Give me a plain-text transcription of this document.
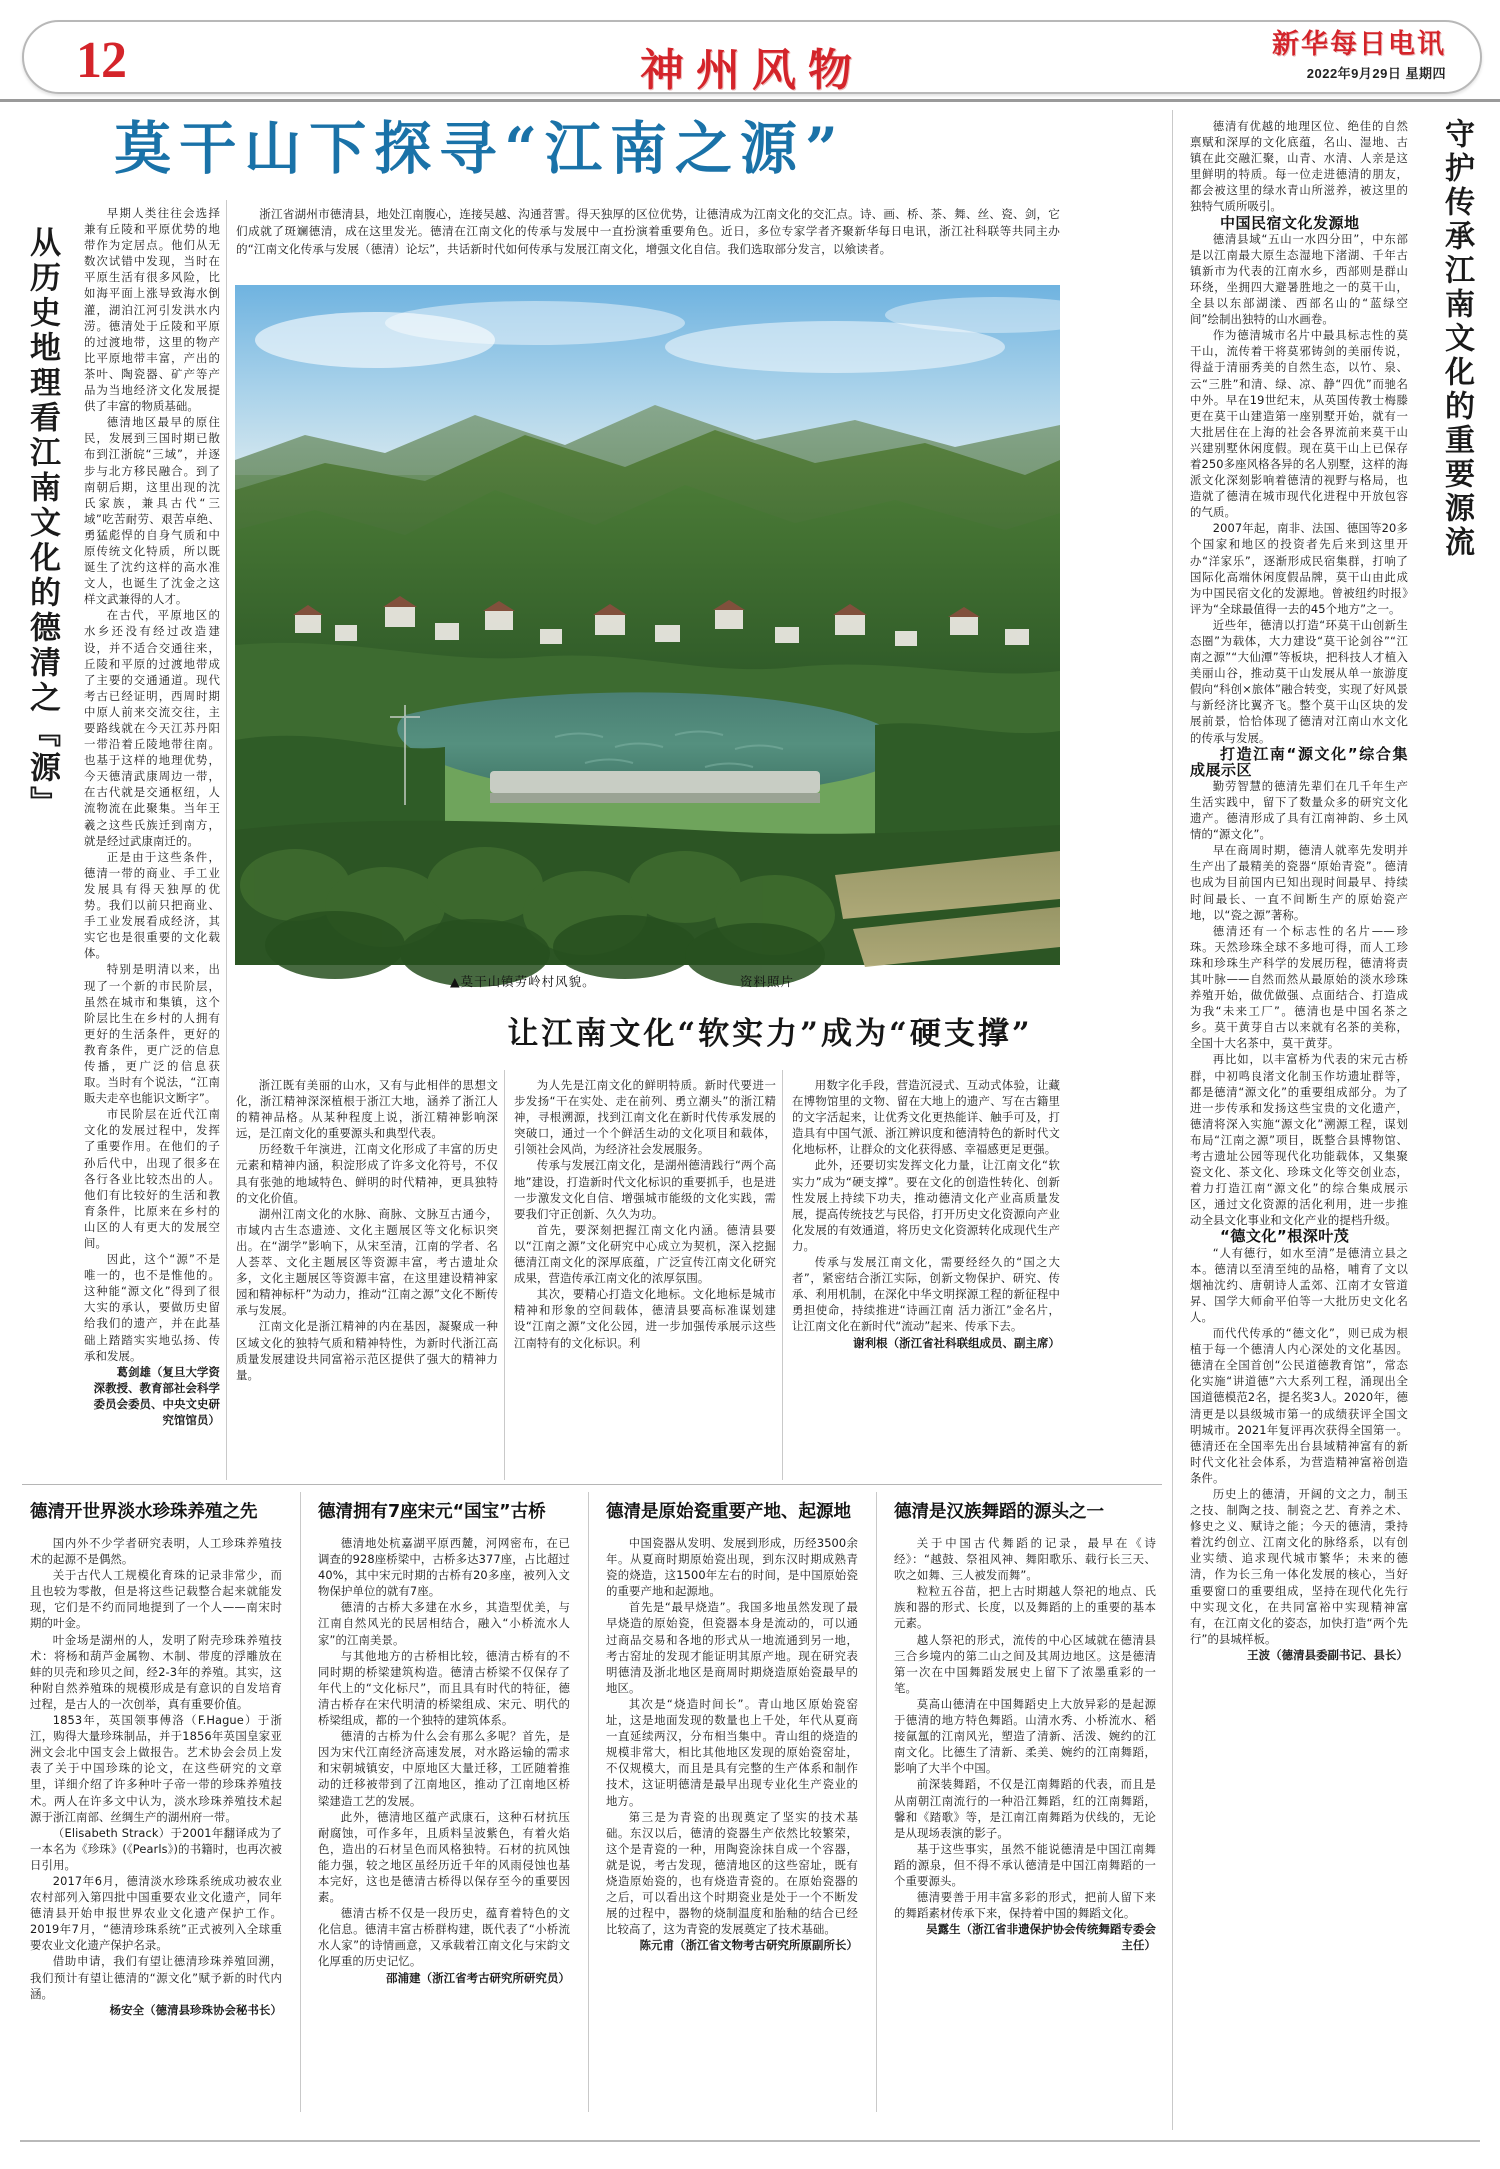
12	神州风物
新华每日电讯
2022年9月29日 星期四
从历史地理看江南文化的德清之『源』	守护传承江南文化的重要源流
莫干山下探寻“江南之源”

早期人类往往会选择兼有丘陵和平原优势的地带作为定居点。他们从无数次试错中发现，当时在平原生活有很多风险，比如海平面上涨导致海水倒灌，湖泊江河引发洪水内涝。德清处于丘陵和平原的过渡地带，这里的物产比平原地带丰富，产出的茶叶、陶瓷器、矿产等产品为当地经济文化发展提供了丰富的物质基础。

德清地区最早的原住民，发展到三国时期已散布到江浙皖“三域”，并逐步与北方移民融合。到了南朝后期，这里出现的沈氏家族，兼具古代“三域”吃苦耐劳、艰苦卓绝、勇猛彪悍的自身气质和中原传统文化特质，所以既诞生了沈约这样的高水准文人，也诞生了沈金之这样文武兼得的人才。

在古代，平原地区的水乡还没有经过改造建设，并不适合交通往来，丘陵和平原的过渡地带成了主要的交通通道。现代考古已经证明，西周时期中原人前来交流交往，主要路线就在今天江苏丹阳一带沿着丘陵地带往南。也基于这样的地理优势，今天德清武康周边一带，在古代就是交通枢纽，人流物流在此聚集。当年王羲之这些氏族迁到南方，就是经过武康南迁的。

正是由于这些条件，德清一带的商业、手工业发展具有得天独厚的优势。我们以前只把商业、手工业发展看成经济，其实它也是很重要的文化载体。

特别是明清以来，出现了一个新的市民阶层，虽然在城市和集镇，这个阶层比生在乡村的人拥有更好的生活条件，更好的教育条件，更广泛的信息传播，更广泛的信息获取。当时有个说法，“江南販夫走卒也能识文断字”。

市民阶层在近代江南文化的发展过程中，发挥了重要作用。在他们的子孙后代中，出现了很多在各行各业比较杰出的人。他们有比较好的生活和教育条件，比原来在乡村的山区的人有更大的发展空间。

因此，这个“源”不是唯一的，也不是惟他的。这种能“源文化”得到了很大实的承认，要做历史留给我们的遗产，并在此基础上踏踏实实地弘扬、传承和发展。

葛剑雄（复旦大学资深教授、教育部社会科学委员会委员、中央文史研究馆馆员）

浙江省湖州市德清县，地处江南腹心，连接吴越、沟通苕霅。得天独厚的区位优势，让德清成为江南文化的交汇点。诗、画、桥、茶、舞、丝、瓷、剑，它们成就了斑斓德清，成在这里发光。德清在江南文化的传承与发展中一直扮演着重要角色。近日，多位专家学者齐聚新华每日电讯，浙江社科联等共同主办的“江南文化传承与发展（德清）论坛”，共话新时代如何传承与发展江南文化，增强文化自信。我们选取部分发言，以飨读者。

▲莫干山镇劳岭村风貌。	资料照片
让江南文化“软实力”成为“硬支撑”

浙江既有美丽的山水，又有与此相伴的思想文化，浙江精神深深植根于浙江大地，涵养了浙江人的精神品格。从某种程度上说，浙江精神影响深远，是江南文化的重要源头和典型代表。

历经数千年演进，江南文化形成了丰富的历史元素和精神内涵，积淀形成了许多文化符号，不仅具有张弛的地域特色、鲜明的时代精神，更具独特的文化价值。

湖州江南文化的水脉、商脉、文脉互古通今，市域内古生态遗迹、文化主题展区等文化标识突出。在“湖学”影响下，从宋至清，江南的学者、名人荟萃、文化主题展区等资源丰富，考古遗址众多，文化主题展区等资源丰富，在这里建设精神家园和精神标杆”为动力，推动“江南之源”文化不断传承与发展。

江南文化是浙江精神的内在基因，凝聚成一种区域文化的独特气质和精神特性，为新时代浙江高质量发展建设共同富裕示范区提供了强大的精神力量。

为人先是江南文化的鲜明特质。新时代要进一步发扬“干在实处、走在前列、勇立潮头”的浙江精神，寻根溯源，找到江南文化在新时代传承发展的突破口，通过一个个鲜活生动的文化项目和载体，引领社会风尚，为经济社会发展服务。

传承与发展江南文化，是湖州德清践行“两个高地”建设，打造新时代文化标识的重要抓手，也是进一步激发文化自信、增强城市能级的文化实践，需要我们守正创新、久久为功。

首先，要深刻把握江南文化内涵。德清县要以“江南之源”文化研究中心成立为契机，深入挖掘德清江南文化的深厚底蕴，广泛宣传江南文化研究成果，营造传承江南文化的浓厚氛围。

其次，要精心打造文化地标。文化地标是城市精神和形象的空间载体，德清县要高标准谋划建设“江南之源”文化公园，进一步加强传承展示这些江南特有的文化标识。利

用数字化手段，营造沉浸式、互动式体验，让藏在博物馆里的文物、留在大地上的遗产、写在古籍里的文字活起来，让优秀文化更热能详、触手可及，打造具有中国气派、浙江辨识度和德清特色的新时代文化地标杯，让群众的文化获得感、幸福感更足更强。

此外，还要切实发挥文化力量，让江南文化“软实力”成为“硬支撑”。要在文化的创造性转化、创新性发展上持续下功夫，推动德清文化产业高质量发展，提高传统技艺与民俗，打开历史文化资源向产业化发展的有效通道，将历史文化资源转化成现代生产力。

传承与发展江南文化，需要经经久的“国之大者”，紧密结合浙江实际，创新文物保护、研究、传承、利用机制，在深化中华文明探源工程的新征程中勇担使命，持续推进“诗画江南 活力浙江”金名片，让江南文化在新时代“流动”起来、传承下去。

谢利根（浙江省社科联组成员、副主席）

德清有优越的地理区位、绝佳的自然禀赋和深厚的文化底蕴，名山、湿地、古镇在此交融汇聚，山青、水清、人亲是这里鲜明的特质。每一位走进德清的朋友，都会被这里的绿水青山所滋养，被这里的独特气质所吸引。

中国民宿文化发源地

德清县域“五山一水四分田”，中东部是以江南最大原生态湿地下渚湖、千年古镇新市为代表的江南水乡，西部则是群山环绕，坐拥四大避暑胜地之一的莫干山，全县以东部湖漾、西部名山的“蓝绿空间”绘制出独特的山水画卷。

作为德清城市名片中最具标志性的莫干山，流传着干将莫邪铸剑的美丽传说，得益于清丽秀美的自然生态，以竹、泉、云“三胜”和清、绿、凉、静“四优”而驰名中外。早在19世纪末，从英国传教士梅滕更在莫干山建造第一座别墅开始，就有一大批居住在上海的社会各界流前来莫干山兴建别墅休闲度假。现在莫干山上已保存着250多座风格各异的名人别墅，这样的海派文化深刻影响着德清的视野与格局，也造就了德清在城市现代化进程中开放包容的气质。

2007年起，南非、法国、德国等20多个国家和地区的投资者先后来到这里开办“洋家乐”，逐渐形成民宿集群，打响了国际化高端休闲度假品牌，莫干山由此成为中国民宿文化的发源地。曾被纽约时报》评为“全球最值得一去的45个地方”之一。

近些年，德清以打造“环莫干山创新生态圈”为载体，大力建设“莫干论剑谷”“江南之源”“大仙潭”等板块，把科技人才植入美丽山谷，推动莫干山发展从单一旅游度假向“科创×旅体”融合转变，实现了好风景与新经济比翼齐飞。整个莫干山区块的发展前景，恰恰体现了德清对江南山水文化的传承与发展。

打造江南“源文化”综合集成展示区

勤劳智慧的德清先辈们在几千年生产生活实践中，留下了数量众多的研究文化遗产。德清形成了具有江南神韵、乡土风情的“源文化”。

早在商周时期，德清人就率先发明并生产出了最精美的瓷器“原始青瓷”。德清也成为目前国内已知出现时间最早、持续时间最长、一直不间断生产的原始瓷产地，以“瓷之源”著称。

德清还有一个标志性的名片——珍珠。天然珍珠全球不多地可得，而人工珍珠和珍珠生产科学的发展历程，德清将责其叶脉——自然而然从最原始的淡水珍珠养殖开始，做优做强、点面结合、打造成为我“未来工厂”。德清也是中国名茶之乡。莫干黄芽自古以来就有名茶的美称，全国十大名茶中，莫干黄芽。

再比如，以丰富桥为代表的宋元古桥群，中初鸣良渚文化制玉作坊遗址群等，都是德清“源文化”的重要组成部分。为了进一步传承和发扬这些宝贵的文化遗产，德清将深入实施“源文化”溯源工程，谋划布局“江南之源”项目，既整合县博物馆、考古遗址公园等现代化功能载体，又集聚瓷文化、茶文化、珍珠文化等交创业态，着力打造江南“源文化”的综合集成展示区，通过文化资源的活化利用，进一步推动全县文化事业和文化产业的提档升级。

“德文化”根深叶茂

“人有德行，如水至清”是德清立县之本。德清以至清至纯的品格，哺育了文以烟袖沈约、唐朝诗人孟郊、江南才女管道昇、国学大师俞平伯等一大批历史文化名人。

而代代传承的“德文化”，则已成为根植于每一个德清人内心深处的文化基因。德清在全国首创“公民道德教育馆”，常态化实施“讲道德”六大系列工程，涌现出全国道德模范2名，提名奖3人。2020年，德清更是以县级城市第一的成绩获评全国文明城市。2021年复评再次获得全国第一。德清还在全国率先出台县域精神富有的新时代文化社会体系，为营造精神富裕创造条件。

历史上的德清，开阔的文之力，制玉之技、制陶之技、制瓷之艺、育养之术、修史之义、赋诗之能；今天的德清，秉持着沈约创立、江南文化的脉络系，以有创业实绩、追求现代城市繁华；未来的德清，作为长三角一体化发展的核心，当好重要窗口的重要组成，坚持在现代化先行中实现文化，在共同富裕中实现精神富有，在江南文化的姿态，加快打造“两个先行”的县城样板。

王波（德清县委副书记、县长）

德清开世界淡水珍珠养殖之先

国内外不少学者研究表明，人工珍珠养殖技术的起源不是偶然。

关于古代人工规模化育珠的记录非常少，而且也较为零散，但是将这些记载整合起来就能发现，它们是不约而同地提到了一个人——南宋时期的叶金。

叶金场是湖州的人，发明了附壳珍珠养殖技术：将杨和葫芦金属物、木制、带度的浮雕放在蚌的贝壳和珍贝之间，经2-3年的养殖。其实，这种附自然养殖珠的规模形成是有意识的自发培育过程，是古人的一次创举，真有重要价值。

1853年，英国领事傅洛（F.Hague）于浙江，购得大量珍珠制品，并于1856年英国皇家亚洲文会北中国支会上做报告。艺术协会会员上发表了关于中国珍珠的论文，在这些研究的文章里，详细介绍了许多种叶子帝一带的珍珠养殖技术。两人在许多文中认为，淡水珍珠养殖技术起源于浙江南部、丝绸生产的湖州府一带。

（Elisabeth Strack）于2001年翻译成为了一本名为《珍珠》(《Pearls》)的书籍时，也再次被日引用。

2017年6月，德清淡水珍珠系统成功被农业农村部列入第四批中国重要农业文化遗产，同年德清县开始申报世界农业文化遗产保护工作。2019年7月，“德清珍珠系统”正式被列入全球重要农业文化遗产保护名录。

借助申请，我们有望让德清珍珠养殖回溯，我们预计有望让德清的“源文化”赋予新的时代内涵。

杨安全（德清县珍珠协会秘书长）

德清拥有7座宋元“国宝”古桥

德清地处杭嘉湖平原西麓，河网密布，在已调查的928座桥梁中，古桥多达377座，占比超过40%，其中宋元时期的古桥有20多座，被列入文物保护单位的就有7座。

德清的古桥大多建在水乡，其造型优美，与江南自然风光的民居相结合，融入“小桥流水人家”的江南美景。

与其他地方的古桥相比较，德清古桥有的不同时期的桥梁建筑构造。德清古桥梁不仅保存了年代上的“文化标尺”，而且具有时代的特征，德清古桥存在宋代明清的桥梁组成、宋元、明代的桥梁组成，都的一个独特的建筑体系。

德清的古桥为什么会有那么多呢？首先，是因为宋代江南经济高速发展，对水路运输的需求和宋朝城镇安，中原地区大量迁移，工匠随着推动的迁移被带到了江南地区，推动了江南地区桥梁建造工艺的发展。

此外，德清地区蕴产武康石，这种石材抗压耐腐蚀，可作多年，且质料呈波紫色，有着火焰色，造出的石材呈色而风格独特。石材的抗风蚀能力强，较之地区虽经历近千年的风雨侵蚀也基本完好，这也是德清古桥得以保存至今的重要因素。

德清古桥不仅是一段历史，蕴育着特色的文化信息。德清丰富古桥群构建，既代表了“小桥流水人家”的诗情画意，又承载着江南文化与宋韵文化厚重的历史记忆。

邵浦建（浙江省考古研究所研究员）

德清是原始瓷重要产地、起源地

中国瓷器从发明、发展到形成，历经3500余年。从夏商时期原始瓷出现，到东汉时期成熟青瓷的烧造，这1500年左右的时间，是中国原始瓷的重要产地和起源地。

首先是“最早烧造”。我国多地虽然发现了最早烧造的原始瓷，但瓷器本身是流动的，可以通过商品交易和各地的形式从一地流通到另一地，考古窑址的发现才能证明其原产地。现在研究表明德清及浙北地区是商周时期烧造原始瓷最早的地区。

其次是“烧造时间长”。青山地区原始瓷窑址，这是地面发现的数量也上千处，年代从夏商一直延续两汉，分布相当集中。青山组的烧造的规模非常大，相比其他地区发现的原始瓷窑址，不仅规模大，而且是具有完整的生产体系和制作技术，这证明德清是最早出现专业化生产瓷业的地方。

第三是为青瓷的出现奠定了坚实的技术基础。东汉以后，德清的瓷器生产依然比较繁荣，这个是青瓷的一种，用陶瓷涂抹自成一个容器，就是说，考古发现，德清地区的这些窑址，既有烧造原始瓷的，也有烧造青瓷的。在原始瓷器的之后，可以看出这个时期瓷业是处于一个不断发展的过程中，器物的烧制温度和胎釉的结合已经比较高了，这为青瓷的发展奠定了技术基础。

陈元甫（浙江省文物考古研究所原副所长）

德清是汉族舞蹈的源头之一

关于中国古代舞蹈的记录，最早在《诗经》：“越鼓、祭祖风神、舞阳歌乐、载行长三天、吹之如舞、三人被发而舞”。

粒粒五谷苗，把上古时期越人祭祀的地点、氏族和器的形式、长度，以及舞蹈的上的重要的基本元素。

越人祭祀的形式，流传的中心区域就在德清县三合乡境内的第二山之间及其周边地区。这是德清第一次在中国舞蹈发展史上留下了浓墨重彩的一笔。

莫高山德清在中国舞蹈史上大放异彩的是起源于德清的地方特色舞蹈。山清水秀、小桥流水、稻接氤氲的江南风光，塑造了清新、活泼、婉约的江南文化。比德生了清新、柔美、婉约的江南舞蹈，影响了大半个中国。

前深装舞蹈，不仅是江南舞蹈的代表，而且是从南朝江南流行的一种沿江舞蹈，红的江南舞蹈，馨和《踏歌》等，是江南江南舞蹈为伏线的，无论是从现场表演的影子。

基于这些事实，虽然不能说德清是中国江南舞蹈的源泉，但不得不承认德清是中国江南舞蹈的一个重要源头。

德清要善于用丰富多彩的形式，把前人留下来的舞蹈素材传承下来，保持着中国的舞蹈文化。

吴露生（浙江省非遗保护协会传统舞蹈专委会主任）
